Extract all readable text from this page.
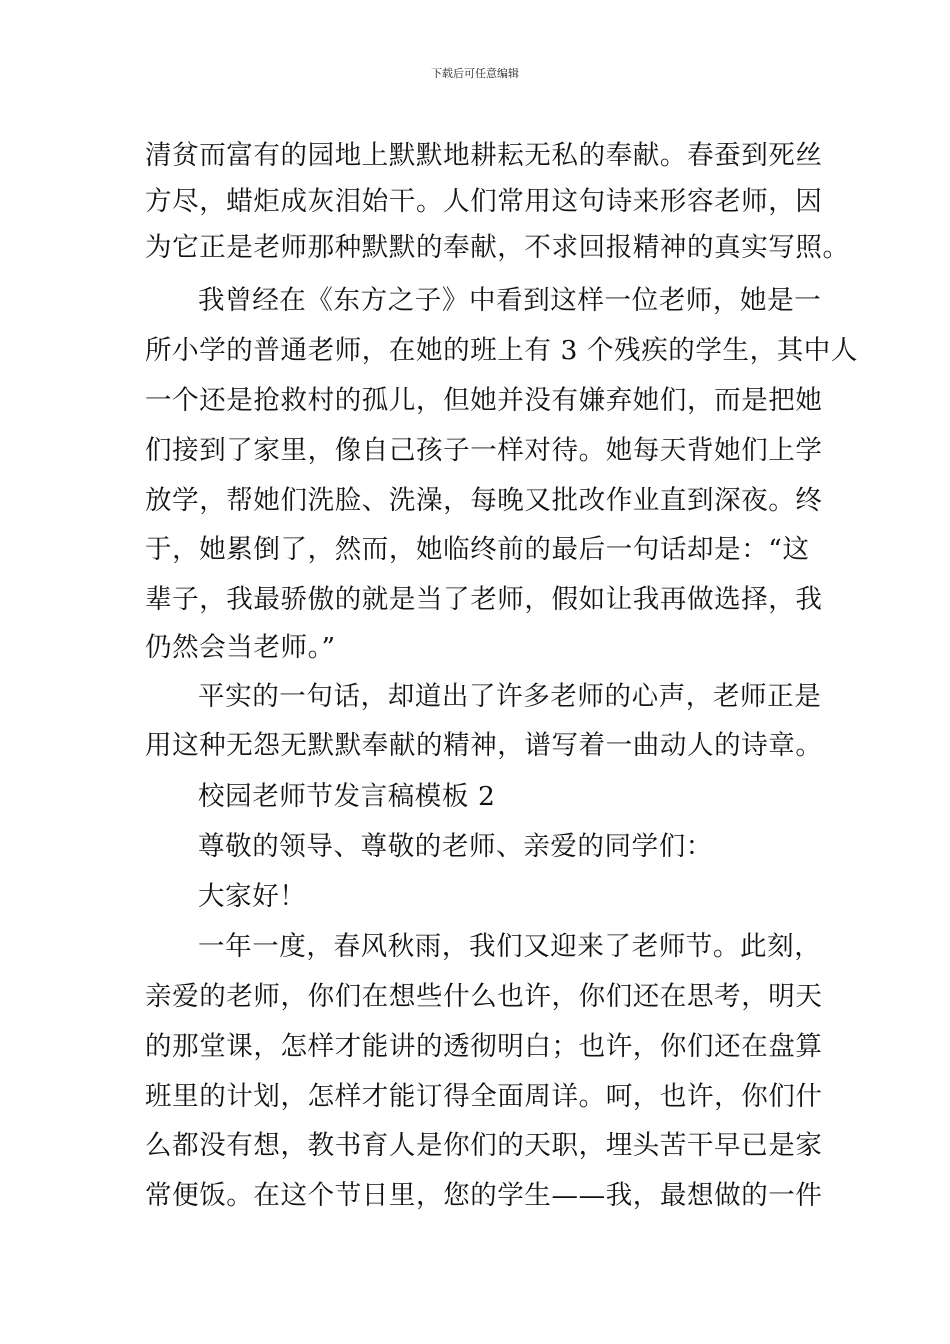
下载后可任意编辑
清贫而富有的园地上默默地耕耘无私的奉献。春蚕到死丝
方尽，蜡炬成灰泪始干。人们常用这句诗来形容老师，因
为它正是老师那种默默的奉献，不求回报精神的真实写照。
我曾经在《东方之子》中看到这样一位老师，她是一
所小学的普通老师，在她的班上有 3 个残疾的学生，其中人
一个还是抢救村的孤儿，但她并没有嫌弃她们，而是把她
们接到了家里，像自己孩子一样对待。她每天背她们上学
放学，帮她们洗脸、洗澡，每晚又批改作业直到深夜。终
于，她累倒了，然而，她临终前的最后一句话却是：“这
辈子，我最骄傲的就是当了老师，假如让我再做选择，我
仍然会当老师。”
平实的一句话，却道出了许多老师的心声，老师正是
用这种无怨无默默奉献的精神，谱写着一曲动人的诗章。
校园老师节发言稿模板 2
尊敬的领导、尊敬的老师、亲爱的同学们：
大家好！
一年一度，春风秋雨，我们又迎来了老师节。此刻，
亲爱的老师，你们在想些什么也许，你们还在思考，明天
的那堂课，怎样才能讲的透彻明白；也许，你们还在盘算
班里的计划，怎样才能订得全面周详。呵，也许，你们什
么都没有想，教书育人是你们的天职，埋头苦干早已是家
常便饭。在这个节日里，您的学生——我，最想做的一件
